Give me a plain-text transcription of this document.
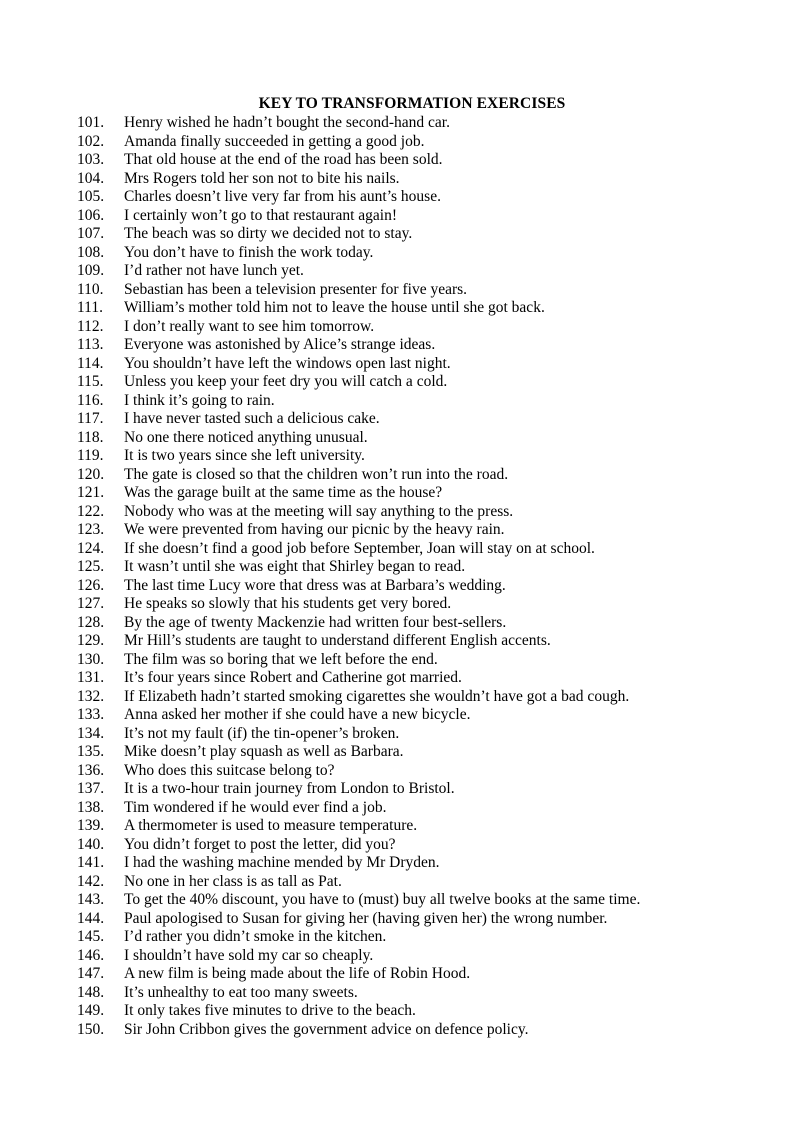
KEY TO TRANSFORMATION EXERCISES
101. Henry wished he hadn’t bought the second-hand car.
102. Amanda finally succeeded in getting a good job.
103. That old house at the end of the road has been sold.
104. Mrs Rogers told her son not to bite his nails.
105. Charles doesn’t live very far from his aunt’s house.
106. I certainly won’t go to that restaurant again!
107. The beach was so dirty we decided not to stay.
108. You don’t have to finish the work today.
109. I’d rather not have lunch yet.
110. Sebastian has been a television presenter for five years.
111. William’s mother told him not to leave the house until she got back.
112. I don’t really want to see him tomorrow.
113. Everyone was astonished by Alice’s strange ideas.
114. You shouldn’t have left the windows open last night.
115. Unless you keep your feet dry you will catch a cold.
116. I think it’s going to rain.
117. I have never tasted such a delicious cake.
118. No one there noticed anything unusual.
119. It is two years since she left university.
120. The gate is closed so that the children won’t run into the road.
121. Was the garage built at the same time as the house?
122. Nobody who was at the meeting will say anything to the press.
123. We were prevented from having our picnic by the heavy rain.
124. If she doesn’t find a good job before September, Joan will stay on at school.
125. It wasn’t until she was eight that Shirley began to read.
126. The last time Lucy wore that dress was at Barbara’s wedding.
127. He speaks so slowly that his students get very bored.
128. By the age of twenty Mackenzie had written four best-sellers.
129. Mr Hill’s students are taught to understand different English accents.
130. The film was so boring that we left before the end.
131. It’s four years since Robert and Catherine got married.
132. If Elizabeth hadn’t started smoking cigarettes she wouldn’t have got a bad cough.
133. Anna asked her mother if she could have a new bicycle.
134. It’s not my fault (if) the tin-opener’s broken.
135. Mike doesn’t play squash as well as Barbara.
136. Who does this suitcase belong to?
137. It is a two-hour train journey from London to Bristol.
138. Tim wondered if he would ever find a job.
139. A thermometer is used to measure temperature.
140. You didn’t forget to post the letter, did you?
141. I had the washing machine mended by Mr Dryden.
142. No one in her class is as tall as Pat.
143. To get the 40% discount, you have to (must) buy all twelve books at the same time.
144. Paul apologised to Susan for giving her (having given her) the wrong number.
145. I’d rather you didn’t smoke in the kitchen.
146. I shouldn’t have sold my car so cheaply.
147. A new film is being made about the life of Robin Hood.
148. It’s unhealthy to eat too many sweets.
149. It only takes five minutes to drive to the beach.
150. Sir John Cribbon gives the government advice on defence policy.
